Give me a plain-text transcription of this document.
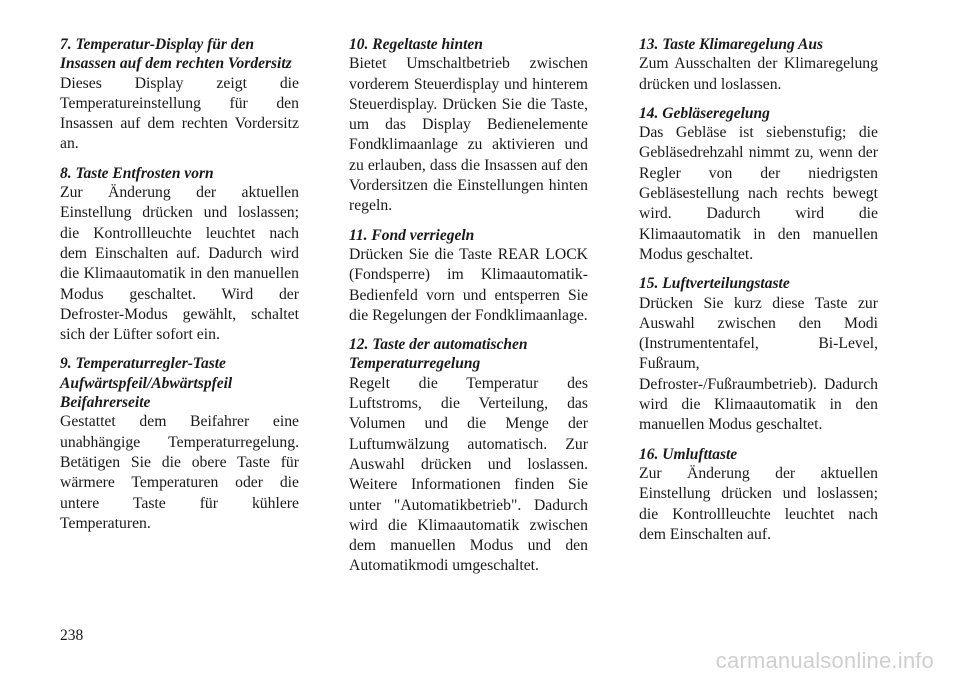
7. Temperatur-Display für den Insassen auf dem rechten Vordersitz

Dieses Display zeigt die Temperatureinstellung für den Insassen auf dem rechten Vordersitz an.

8. Taste Entfrosten vorn

Zur Änderung der aktuellen Einstellung drücken und loslassen; die Kontrollleuchte leuchtet nach dem Einschalten auf. Dadurch wird die Klimaautomatik in den manuellen Modus geschaltet. Wird der Defroster-Modus gewählt, schaltet sich der Lüfter sofort ein.

9. Temperaturregler-Taste Aufwärtspfeil/Abwärtspfeil Beifahrerseite

Gestattet dem Beifahrer eine unabhängige Temperaturregelung. Betätigen Sie die obere Taste für wärmere Temperaturen oder die untere Taste für kühlere Temperaturen.

10. Regeltaste hinten

Bietet Umschaltbetrieb zwischen vorderem Steuerdisplay und hinterem Steuerdisplay. Drücken Sie die Taste, um das Display Bedienelemente Fondklimaanlage zu aktivieren und zu erlauben, dass die Insassen auf den Vordersitzen die Einstellungen hinten regeln.

11. Fond verriegeln

Drücken Sie die Taste REAR LOCK (Fondsperre) im Klimaautomatik-Bedienfeld vorn und entsperren Sie die Regelungen der Fondklimaanlage.

12. Taste der automatischen Temperaturregelung

Regelt die Temperatur des Luftstroms, die Verteilung, das Volumen und die Menge der Luftumwälzung automatisch. Zur Auswahl drücken und loslassen. Weitere Informationen finden Sie unter "Automatikbetrieb". Dadurch wird die Klimaautomatik zwischen dem manuellen Modus und den Automatikmodi umgeschaltet.

13. Taste Klimaregelung Aus

Zum Ausschalten der Klimaregelung drücken und loslassen.

14. Gebläseregelung

Das Gebläse ist siebenstufig; die Gebläsedrehzahl nimmt zu, wenn der Regler von der niedrigsten Gebläsestellung nach rechts bewegt wird. Dadurch wird die Klimaautomatik in den manuellen Modus geschaltet.

15. Luftverteilungstaste

Drücken Sie kurz diese Taste zur Auswahl zwischen den Modi (Instrumententafel, Bi-Level, Fußraum, Defroster-/Fußraumbetrieb). Dadurch wird die Klimaautomatik in den manuellen Modus geschaltet.

16. Umlufttaste

Zur Änderung der aktuellen Einstellung drücken und loslassen; die Kontrollleuchte leuchtet nach dem Einschalten auf.

238
carmanualsonline.info
